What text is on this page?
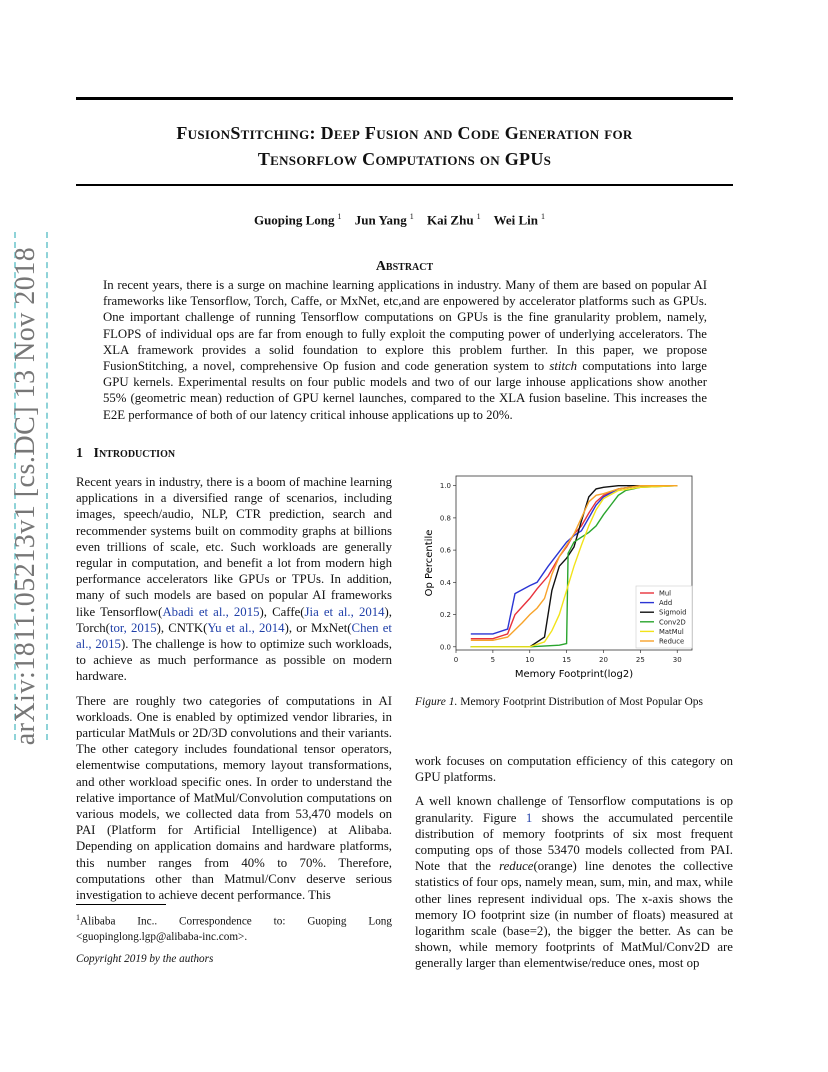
FusionStitching: Deep Fusion and Code Generation for
Tensorflow Computations on GPUs
Guoping Long $^1$ Jun Yang $^1$ Kai Zhu $^1$ Wei Lin $^1$
Abstract
In recent years, there is a surge on machine learning applications in industry. Many of them are based on popular AI frameworks like Tensorflow, Torch, Caffe, or MxNet, etc,and are enpowered by accelerator platforms such as GPUs. One important challenge of running Tensorflow computations on GPUs is the fine granularity problem, namely, FLOPS of individual ops are far from enough to fully exploit the computing power of underlying accelerators. The XLA framework provides a solid foundation to explore this problem further. In this paper, we propose FusionStitching, a novel, comprehensive Op fusion and code generation system to stitch computations into large GPU kernels. Experimental results on four public models and two of our large inhouse applications show another 55% (geometric mean) reduction of GPU kernel launches, compared to the XLA fusion baseline. This increases the E2E performance of both of our latency critical inhouse applications up to 20%.
arXiv:1811.05213v1 [cs.DC] 13 Nov 2018	1 Introduction

Recent years in industry, there is a boom of machine learning applications in a diversified range of scenarios, including images, speech/audio, NLP, CTR prediction, search and recommender systems built on commodity graphs at billions even trillions of scale, etc. Such workloads are generally regular in computation, and benefit a lot from modern high performance accelerators like GPUs or TPUs. In addition, many of such models are based on popular AI frameworks like Tensorflow(Abadi et al., 2015), Caffe(Jia et al., 2014), Torch(tor, 2015), CNTK(Yu et al., 2014), or MxNet(Chen et al., 2015). The challenge is how to optimize such workloads, to achieve as much performance as possible on modern hardware.

There are roughly two categories of computations in AI workloads. One is enabled by optimized vendor libraries, in particular MatMuls or 2D/3D convolutions and their variants. The other category includes foundational tensor operators, elementwise computations, memory layout transformations, and other workload specific ones. In order to understand the relative importance of MatMul/Convolution computations on various models, we collected data from 53,470 models on PAI (Platform for Artificial Intelligence) at Alibaba. Depending on application domains and hardware platforms, this number ranges from 40% to 70%. Therefore, computations other than Matmul/Conv deserve serious investigation to achieve decent performance. This

$^1$Alibaba Inc.. Correspondence to: Guoping Long <guopinglong.lgp@alibaba-inc.com>.
Copyright 2019 by the authors
0	5	10	15	20	25	30
0.0
0.2
0.4
0.6
0.8
1.0
Mul
Add
Sigmoid
Conv2D
MatMul
Reduce
Memory Footprint(log2)
Op Percentile
Figure 1. Memory Footprint Distribution of Most Popular Ops

work focuses on computation efficiency of this category on GPU platforms.

A well known challenge of Tensorflow computations is op granularity. Figure 1 shows the accumulated percentile distribution of memory footprints of six most frequent computing ops of those 53470 models collected from PAI. Note that the reduce(orange) line denotes the collective statistics of four ops, namely mean, sum, min, and max, while other lines represent individual ops. The x-axis shows the memory IO footprint size (in number of floats) measured at logarithm scale (base=2), the bigger the better. As can be shown, while memory footprints of MatMul/Conv2D are generally larger than elementwise/reduce ones, most op
